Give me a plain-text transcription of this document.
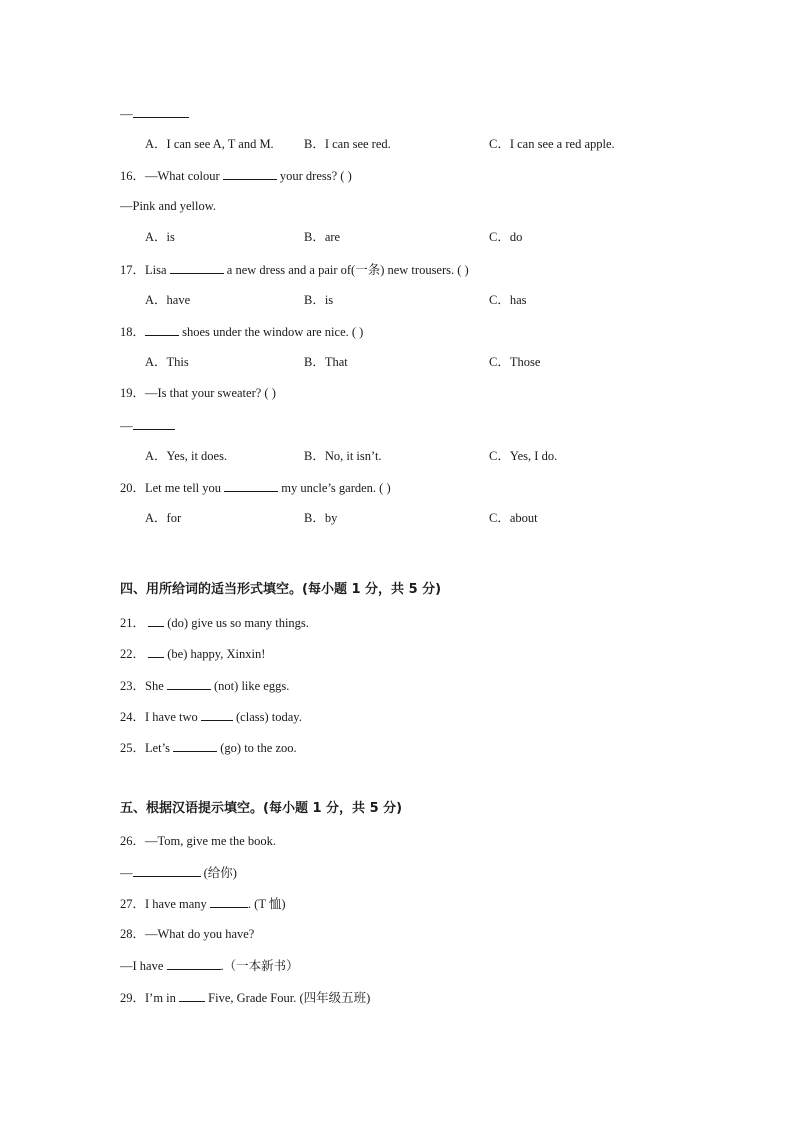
—
A．I can see A, T and M. B．I can see red.	C．I can see a red apple.
16．—What colour	your dress? ( )
—Pink and yellow.
A．is	B．are	C．do
17．Lisa	a new dress and a pair of(一条) new trousers. ( )
A．have	B．is	C．has
18．	shoes under the window are nice. ( )
A．This	B．That	C．Those
19．—Is that your sweater? ( )
—
A．Yes, it does.	B．No, it isn’t.	C．Yes, I do.
20．Let me tell you	my uncle’s garden. ( )
A．for	B．by	C．about
四、用所给词的适当形式填空。(每小题 1 分，共 5 分)
21． (do) give us so many things.
22． (be) happy, Xinxin!
23．She	(not) like eggs.
24．I have two	(class) today.
25．Let’s	(go) to the zoo.
五、根据汉语提示填空。(每小题 1 分，共 5 分)
26．—Tom, give me the book.
—	(给你)
27．I have many	. (T 恤)
28．—What do you have?
—I have	.（一本新书）
29．I’m in	Five, Grade Four. (四年级五班)
